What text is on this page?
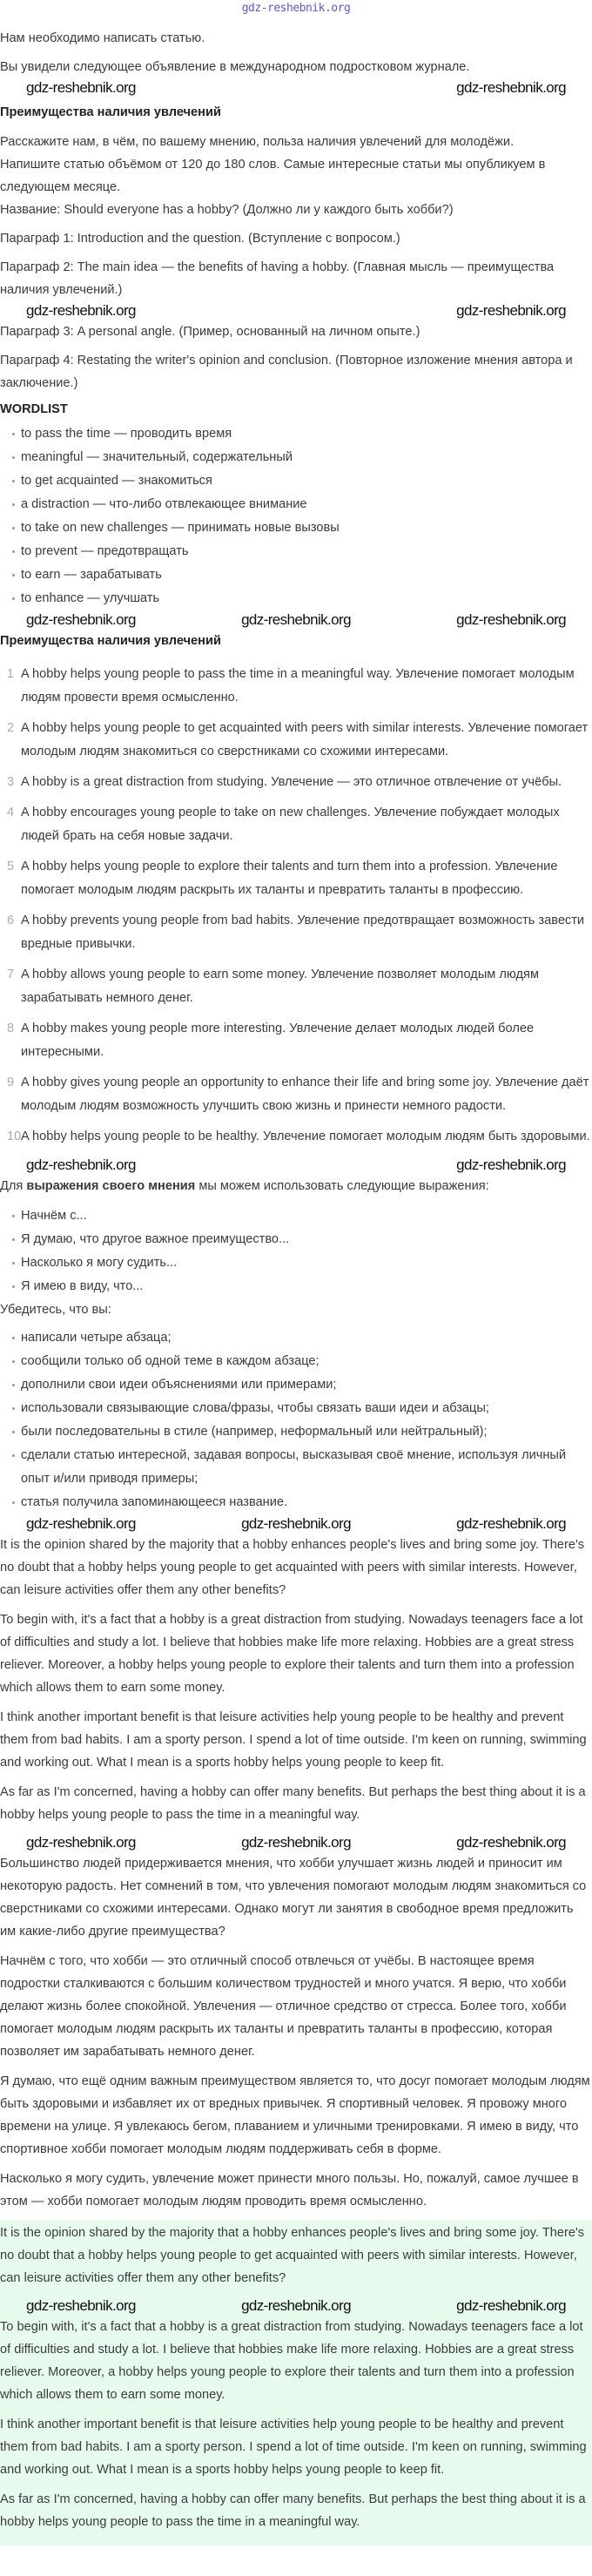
gdz-reshebnik.org

Нам необходимо написать статью.

Вы увидели следующее объявление в международном подростковом журнале.

gdz-reshebnik.org	gdz-reshebnik.org

Преимущества наличия увлечений

Расскажите нам, в чём, по вашему мнению, польза наличия увлечений для молодёжи.

Напишите статью объёмом от 120 до 180 слов. Самые интересные статьи мы опубликуем в следующем месяце.

Название: Should everyone has a hobby? (Должно ли у каждого быть хобби?)

Параграф 1: Introduction and the question. (Вступление с вопросом.)

Параграф 2: The main idea — the benefits of having a hobby. (Главная мысль — преимущества наличия увлечений.)

gdz-reshebnik.org	gdz-reshebnik.org

Параграф 3: A personal angle. (Пример, основанный на личном опыте.)

Параграф 4: Restating the writer's opinion and conclusion. (Повторное изложение мнения автора и заключение.)

WORDLIST

to pass the time — проводить время
meaningful — значительный, содержательный
to get acquainted — знакомиться
a distraction — что-либо отвлекающее внимание
to take on new challenges — принимать новые вызовы
to prevent — предотвращать
to earn — зарабатывать
to enhance — улучшать
gdz-reshebnik.org	gdz-reshebnik.org	gdz-reshebnik.org

Преимущества наличия увлечений

1 A hobby helps young people to pass the time in a meaningful way. Увлечение помогает молодым людям провести время осмысленно.
2 A hobby helps young people to get acquainted with peers with similar interests. Увлечение помогает молодым людям знакомиться со сверстниками со схожими интересами.
3 A hobby is a great distraction from studying. Увлечение — это отличное отвлечение от учёбы.
4 A hobby encourages young people to take on new challenges. Увлечение побуждает молодых людей брать на себя новые задачи.
5 A hobby helps young people to explore their talents and turn them into a profession. Увлечение помогает молодым людям раскрыть их таланты и превратить таланты в профессию.
6 A hobby prevents young people from bad habits. Увлечение предотвращает возможность завести вредные привычки.
7 A hobby allows young people to earn some money. Увлечение позволяет молодым людям зарабатывать немного денег.
8 A hobby makes young people more interesting. Увлечение делает молодых людей более интересными.
9 A hobby gives young people an opportunity to enhance their life and bring some joy. Увлечение даёт молодым людям возможность улучшить свою жизнь и принести немного радости.
10 A hobby helps young people to be healthy. Увлечение помогает молодым людям быть здоровыми.
gdz-reshebnik.org	gdz-reshebnik.org

Для выражения своего мнения мы можем использовать следующие выражения:

Начнём с...
Я думаю, что другое важное преимущество...
Насколько я могу судить...
Я имею в виду, что...

Убедитесь, что вы:

написали четыре абзаца;
сообщили только об одной теме в каждом абзаце;
дополнили свои идеи объяснениями или примерами;
использовали связывающие слова/фразы, чтобы связать ваши идеи и абзацы;
были последовательны в стиле (например, неформальный или нейтральный);
сделали статью интересной, задавая вопросы, высказывая своё мнение, используя личный опыт и/или приводя примеры;
статья получила запоминающееся название.
gdz-reshebnik.org	gdz-reshebnik.org	gdz-reshebnik.org

It is the opinion shared by the majority that a hobby enhances people's lives and bring some joy. There's no doubt that a hobby helps young people to get acquainted with peers with similar interests. However, can leisure activities offer them any other benefits?

To begin with, it's a fact that a hobby is a great distraction from studying. Nowadays teenagers face a lot of difficulties and study a lot. I believe that hobbies make life more relaxing. Hobbies are a great stress reliever. Moreover, a hobby helps young people to explore their talents and turn them into a profession which allows them to earn some money.

I think another important benefit is that leisure activities help young people to be healthy and prevent them from bad habits. I am a sporty person. I spend a lot of time outside. I'm keen on running, swimming and working out. What I mean is a sports hobby helps young people to keep fit.

As far as I'm concerned, having a hobby can offer many benefits. But perhaps the best thing about it is a hobby helps young people to pass the time in a meaningful way.

gdz-reshebnik.org	gdz-reshebnik.org	gdz-reshebnik.org

Большинство людей придерживается мнения, что хобби улучшает жизнь людей и приносит им некоторую радость. Нет сомнений в том, что увлечения помогают молодым людям знакомиться со сверстниками со схожими интересами. Однако могут ли занятия в свободное время предложить им какие-либо другие преимущества?

Начнём с того, что хобби — это отличный способ отвлечься от учёбы. В настоящее время подростки сталкиваются с большим количеством трудностей и много учатся. Я верю, что хобби делают жизнь более спокойной. Увлечения — отличное средство от стресса. Более того, хобби помогает молодым людям раскрыть их таланты и превратить таланты в профессию, которая позволяет им зарабатывать немного денег.

Я думаю, что ещё одним важным преимуществом является то, что досуг помогает молодым людям быть здоровыми и избавляет их от вредных привычек. Я спортивный человек. Я провожу много времени на улице. Я увлекаюсь бегом, плаванием и уличными тренировками. Я имею в виду, что спортивное хобби помогает молодым людям поддерживать себя в форме.

Насколько я могу судить, увлечение может принести много пользы. Но, пожалуй, самое лучшее в этом — хобби помогает молодым людям проводить время осмысленно.

It is the opinion shared by the majority that a hobby enhances people's lives and bring some joy. There's no doubt that a hobby helps young people to get acquainted with peers with similar interests. However, can leisure activities offer them any other benefits?

gdz-reshebnik.org	gdz-reshebnik.org	gdz-reshebnik.org

To begin with, it's a fact that a hobby is a great distraction from studying. Nowadays teenagers face a lot of difficulties and study a lot. I believe that hobbies make life more relaxing. Hobbies are a great stress reliever. Moreover, a hobby helps young people to explore their talents and turn them into a profession which allows them to earn some money.

I think another important benefit is that leisure activities help young people to be healthy and prevent them from bad habits. I am a sporty person. I spend a lot of time outside. I'm keen on running, swimming and working out. What I mean is a sports hobby helps young people to keep fit.

As far as I'm concerned, having a hobby can offer many benefits. But perhaps the best thing about it is a hobby helps young people to pass the time in a meaningful way.
